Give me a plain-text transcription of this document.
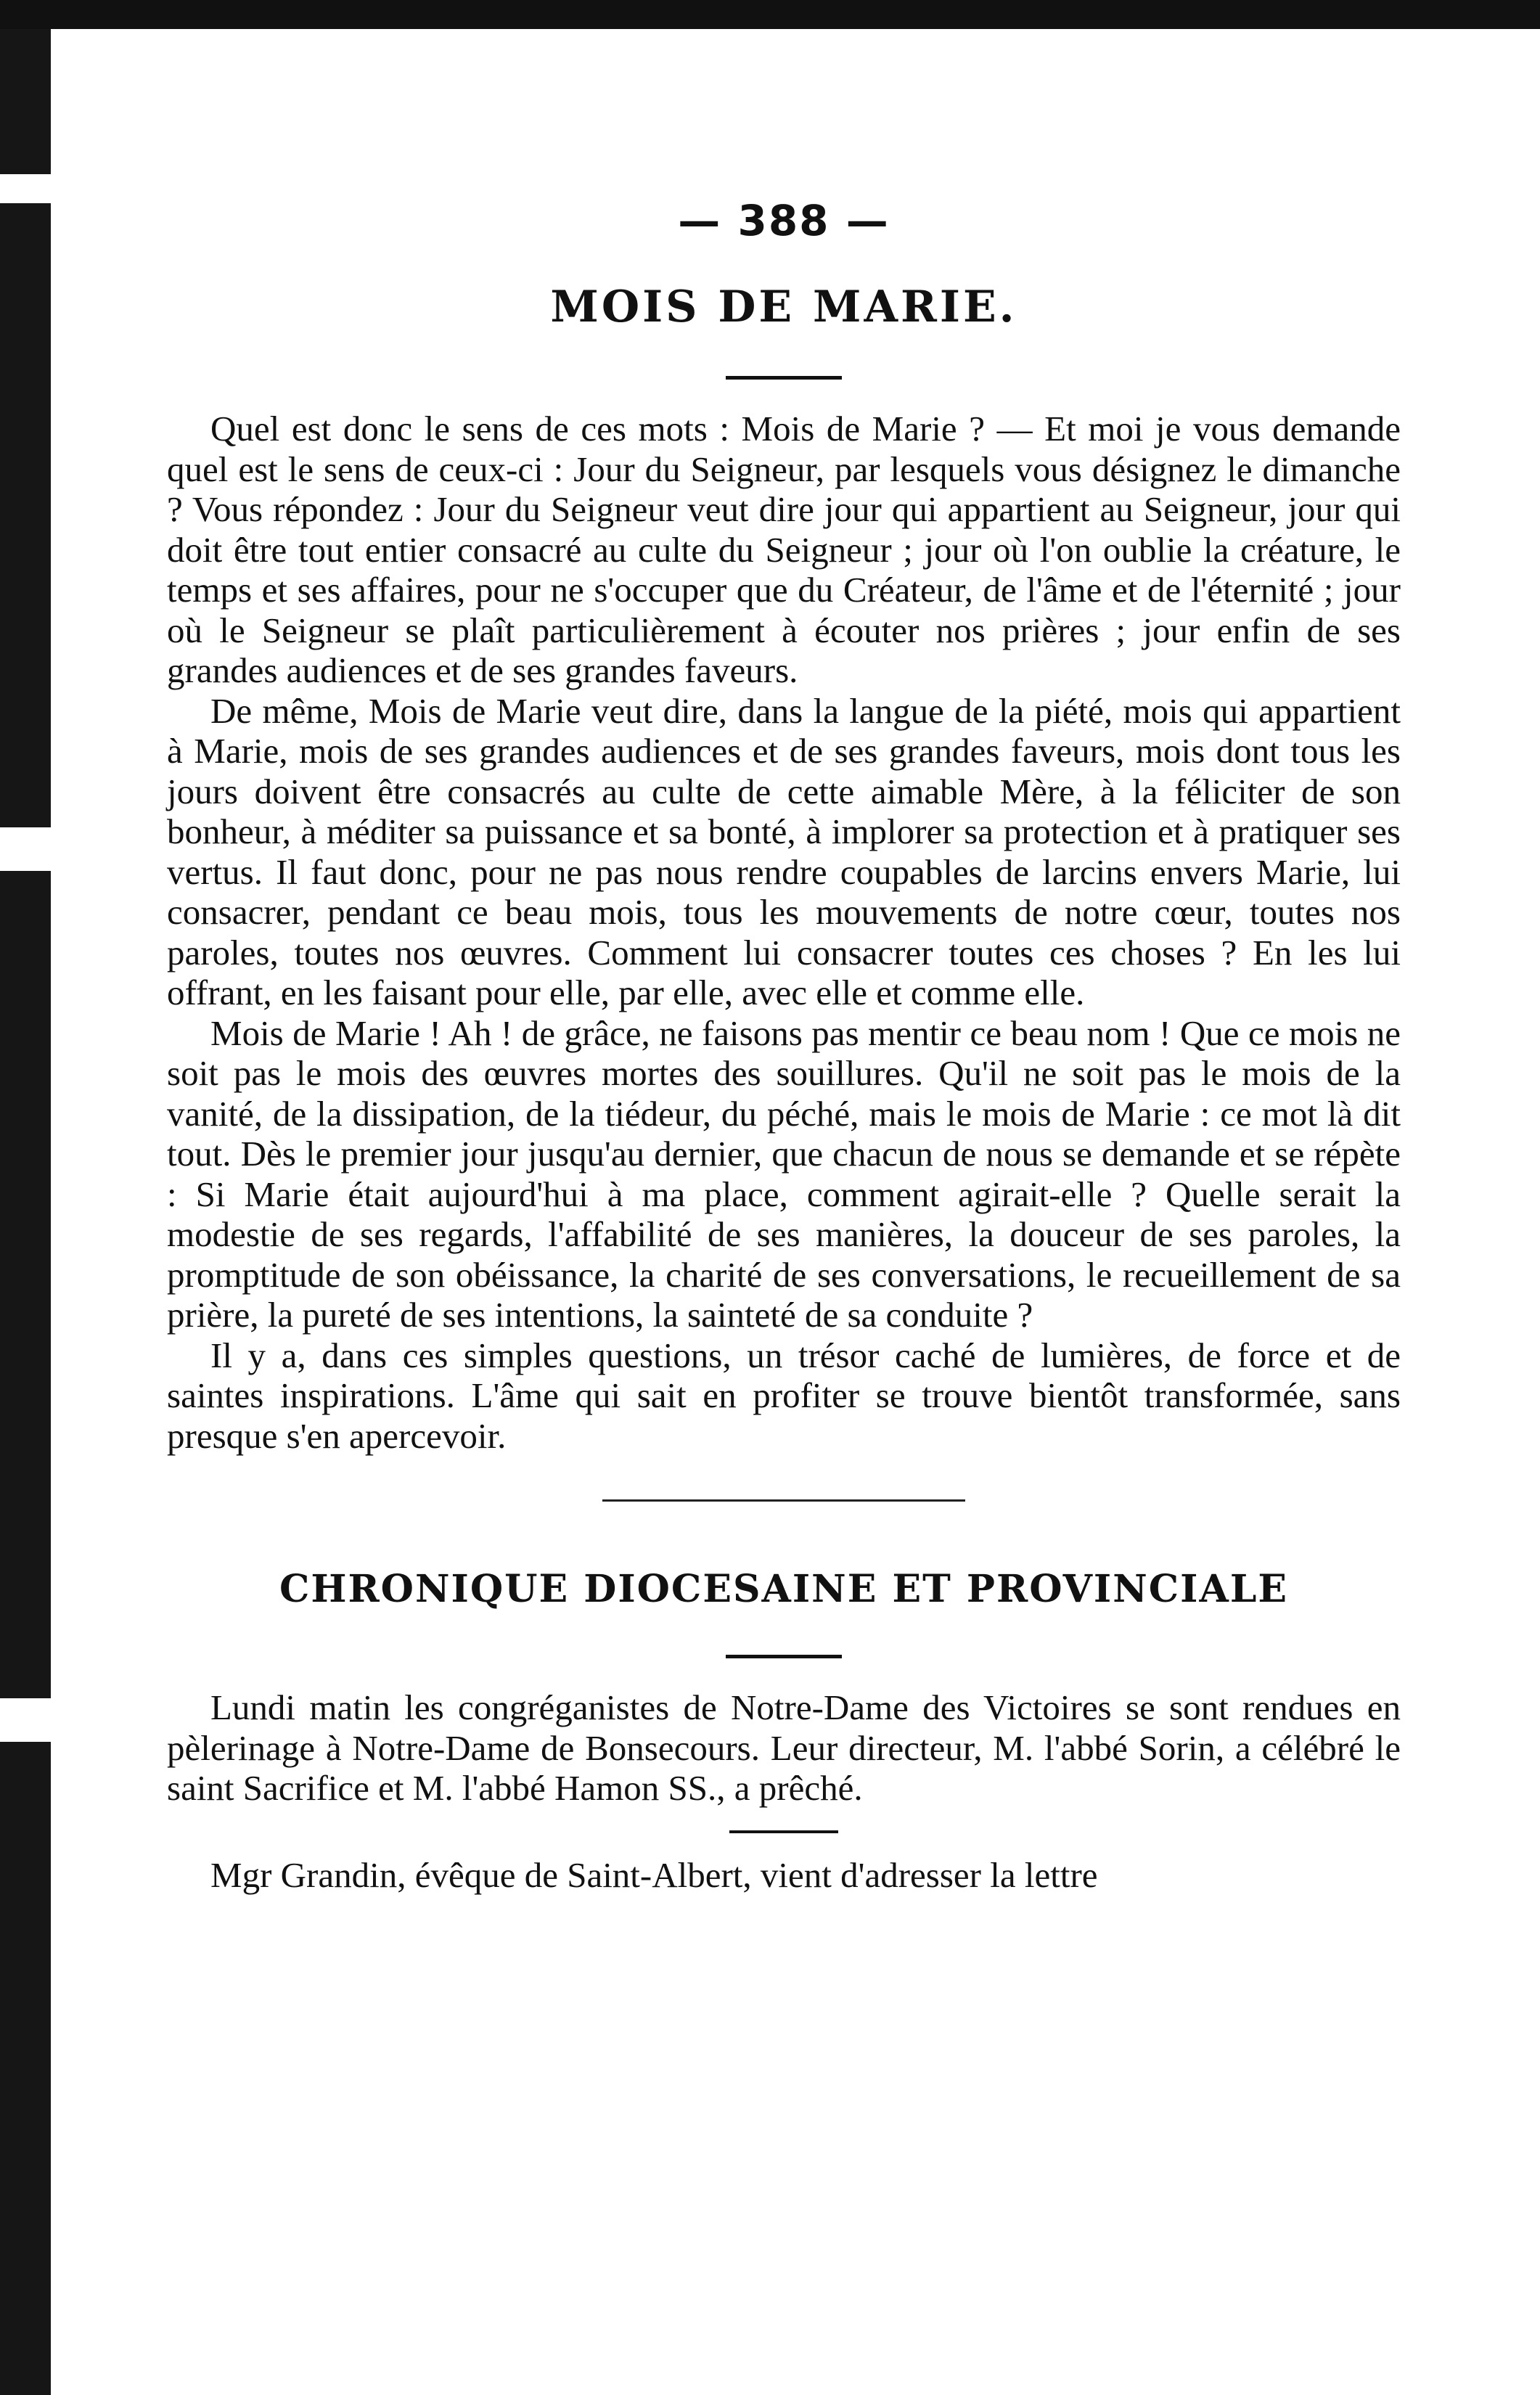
— 388 —
MOIS DE MARIE.

Quel est donc le sens de ces mots : Mois de Marie ? — Et moi je vous demande quel est le sens de ceux-ci : Jour du Seigneur, par lesquels vous désignez le dimanche ? Vous répondez : Jour du Seigneur veut dire jour qui appartient au Seigneur, jour qui doit être tout entier consacré au culte du Seigneur ; jour où l'on oublie la créature, le temps et ses affaires, pour ne s'occuper que du Créateur, de l'âme et de l'éternité ; jour où le Seigneur se plaît particulièrement à écouter nos prières ; jour enfin de ses grandes audiences et de ses grandes faveurs.

De même, Mois de Marie veut dire, dans la langue de la piété, mois qui appartient à Marie, mois de ses grandes audiences et de ses grandes faveurs, mois dont tous les jours doivent être consacrés au culte de cette aimable Mère, à la féliciter de son bonheur, à méditer sa puissance et sa bonté, à implorer sa protection et à pratiquer ses vertus. Il faut donc, pour ne pas nous rendre coupables de larcins envers Marie, lui consacrer, pendant ce beau mois, tous les mouvements de notre cœur, toutes nos paroles, toutes nos œuvres. Comment lui consacrer toutes ces choses ? En les lui offrant, en les faisant pour elle, par elle, avec elle et comme elle.

Mois de Marie ! Ah ! de grâce, ne faisons pas mentir ce beau nom ! Que ce mois ne soit pas le mois des œuvres mortes des souillures. Qu'il ne soit pas le mois de la vanité, de la dissipation, de la tiédeur, du péché, mais le mois de Marie : ce mot là dit tout. Dès le premier jour jusqu'au dernier, que chacun de nous se demande et se répète : Si Marie était aujourd'hui à ma place, comment agirait-elle ? Quelle serait la modestie de ses regards, l'affabilité de ses manières, la douceur de ses paroles, la promptitude de son obéissance, la charité de ses conversations, le recueillement de sa prière, la pureté de ses intentions, la sainteté de sa conduite ?

Il y a, dans ces simples questions, un trésor caché de lumières, de force et de saintes inspirations. L'âme qui sait en profiter se trouve bientôt transformée, sans presque s'en apercevoir.

CHRONIQUE DIOCESAINE ET PROVINCIALE

Lundi matin les congréganistes de Notre-Dame des Victoires se sont rendues en pèlerinage à Notre-Dame de Bonsecours. Leur directeur, M. l'abbé Sorin, a célébré le saint Sacrifice et M. l'abbé Hamon SS., a prêché.

Mgr Grandin, évêque de Saint-Albert, vient d'adresser la lettre
